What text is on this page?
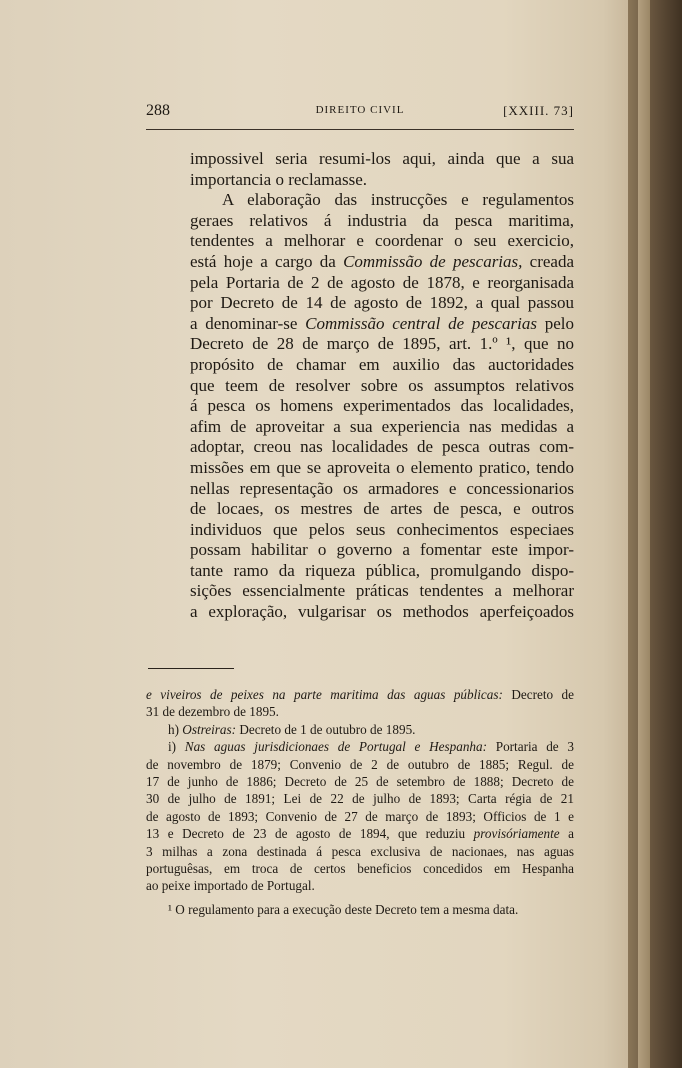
288	DIREITO CIVIL	[XXIII. 73]
impossivel seria resumi-los aqui, ainda que a sua
importancia o reclamasse.
A elaboração das instrucções e regulamentos
geraes relativos á industria da pesca maritima,
tendentes a melhorar e coordenar o seu exercicio,
está hoje a cargo da Commissão de pescarias, creada
pela Portaria de 2 de agosto de 1878, e reorganisada
por Decreto de 14 de agosto de 1892, a qual passou
a denominar-se Commissão central de pescarias pelo
Decreto de 28 de março de 1895, art. 1.º ¹, que no
propósito de chamar em auxilio das auctoridades
que teem de resolver sobre os assumptos relativos
á pesca os homens experimentados das localidades,
afim de aproveitar a sua experiencia nas medidas a
adoptar, creou nas localidades de pesca outras com-
missões em que se aproveita o elemento pratico, tendo
nellas representação os armadores e concessionarios
de locaes, os mestres de artes de pesca, e outros
individuos que pelos seus conhecimentos especiaes
possam habilitar o governo a fomentar este impor-
tante ramo da riqueza pública, promulgando dispo-
sições essencialmente práticas tendentes a melhorar
a exploração, vulgarisar os methodos aperfeiçoados
e viveiros de peixes na parte maritima das aguas públicas: Decreto de
31 de dezembro de 1895.
h) Ostreiras: Decreto de 1 de outubro de 1895.
i) Nas aguas jurisdicionaes de Portugal e Hespanha: Portaria de 3
de novembro de 1879; Convenio de 2 de outubro de 1885; Regul. de
17 de junho de 1886; Decreto de 25 de setembro de 1888; Decreto de
30 de julho de 1891; Lei de 22 de julho de 1893; Carta régia de 21
de agosto de 1893; Convenio de 27 de março de 1893; Officios de 1 e
13 e Decreto de 23 de agosto de 1894, que reduziu provisóriamente a
3 milhas a zona destinada á pesca exclusiva de nacionaes, nas aguas
portuguêsas, em troca de certos beneficios concedidos em Hespanha
ao peixe importado de Portugal.
¹ O regulamento para a execução deste Decreto tem a mesma data.
